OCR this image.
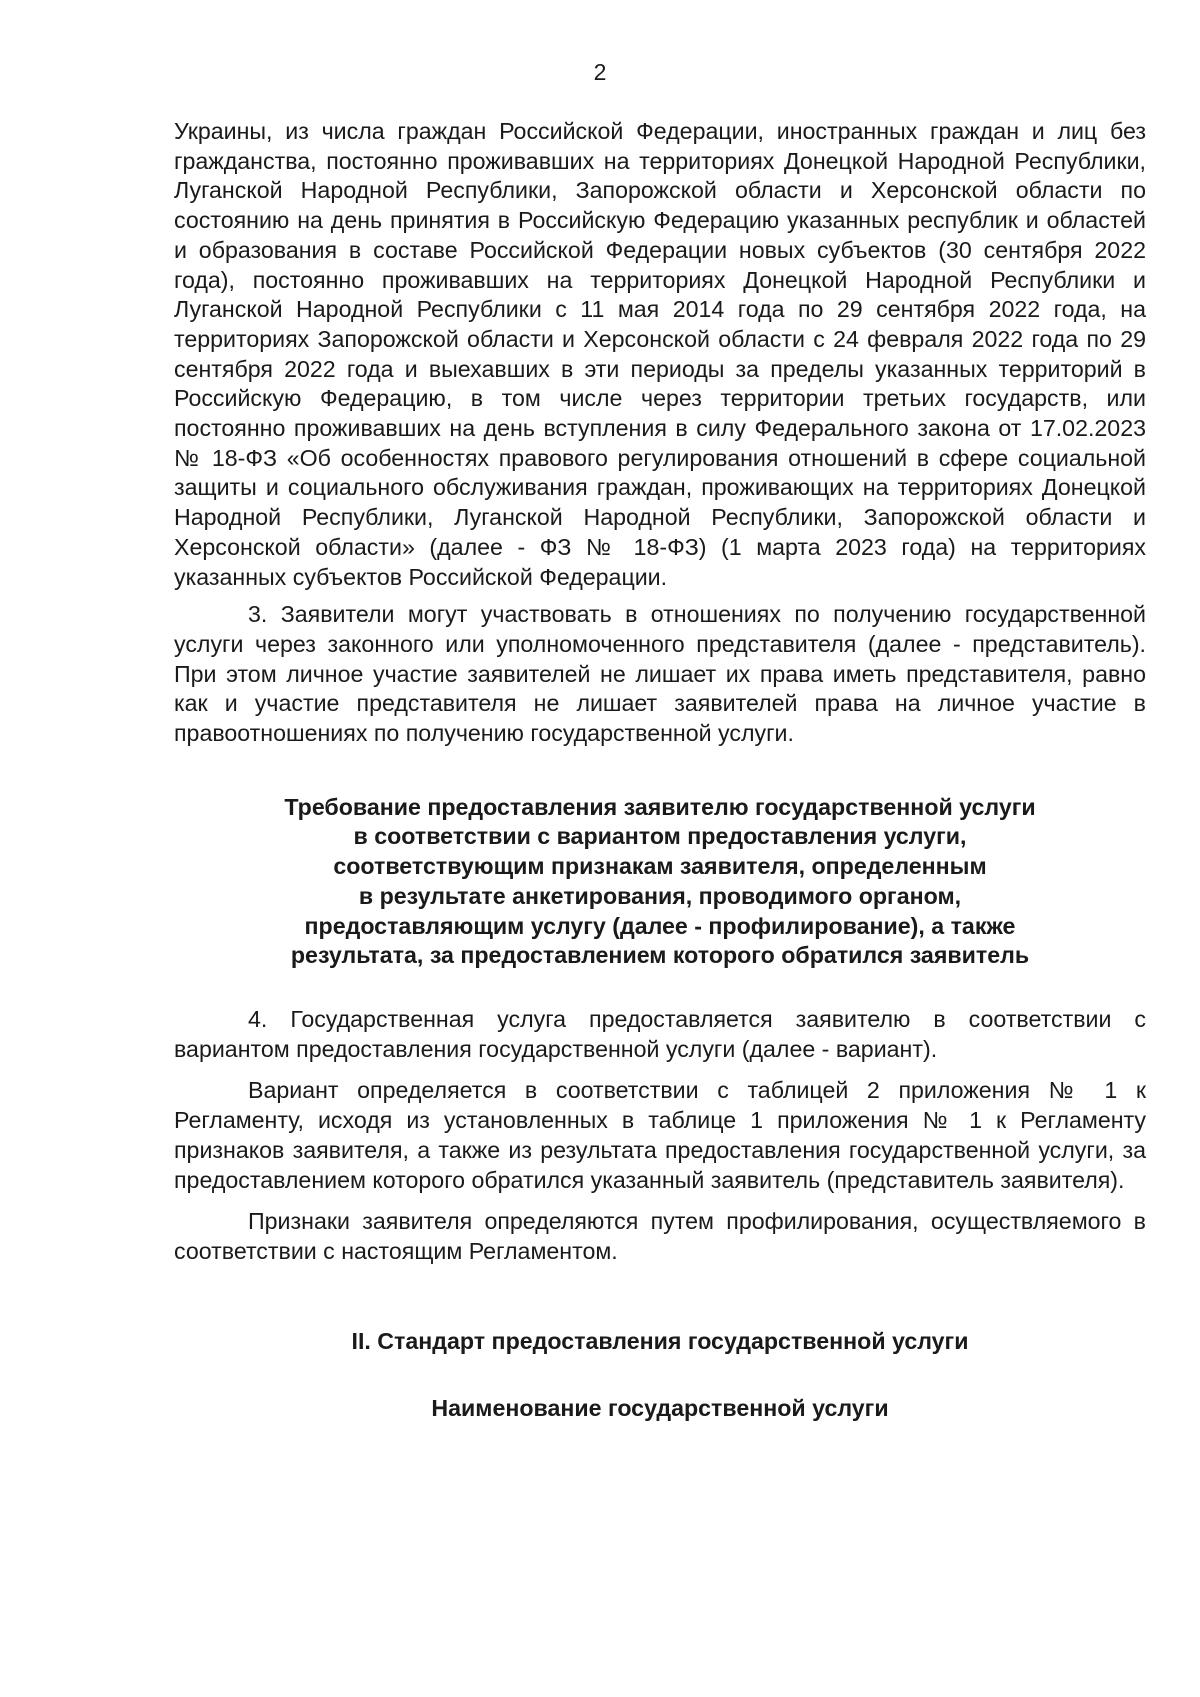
2

Украины, из числа граждан Российской Федерации, иностранных граждан и лиц без гражданства, постоянно проживавших на территориях Донецкой Народной Республики, Луганской Народной Республики, Запорожской области и Херсонской области по состоянию на день принятия в Российскую Федерацию указанных республик и областей и образования в составе Российской Федерации новых субъектов (30 сентября 2022 года), постоянно проживавших на территориях Донецкой Народной Республики и Луганской Народной Республики с 11 мая 2014 года по 29 сентября 2022 года, на территориях Запорожской области и Херсонской области с 24 февраля 2022 года по 29 сентября 2022 года и выехавших в эти периоды за пределы указанных территорий в Российскую Федерацию, в том числе через территории третьих государств, или постоянно проживавших на день вступления в силу Федерального закона от 17.02.2023 № 18-ФЗ «Об особенностях правового регулирования отношений в сфере социальной защиты и социального обслуживания граждан, проживающих на территориях Донецкой Народной Республики, Луганской Народной Республики, Запорожской области и Херсонской области» (далее - ФЗ № 18-ФЗ) (1 марта 2023 года) на территориях указанных субъектов Российской Федерации.

3. Заявители могут участвовать в отношениях по получению государственной услуги через законного или уполномоченного представителя (далее - представитель). При этом личное участие заявителей не лишает их права иметь представителя, равно как и участие представителя не лишает заявителей права на личное участие в правоотношениях по получению государственной услуги.

Требование предоставления заявителю государственной услуги
в соответствии с вариантом предоставления услуги,
соответствующим признакам заявителя, определенным
в результате анкетирования, проводимого органом,
предоставляющим услугу (далее - профилирование), а также
результата, за предоставлением которого обратился заявитель

4. Государственная услуга предоставляется заявителю в соответствии с вариантом предоставления государственной услуги (далее - вариант).

Вариант определяется в соответствии с таблицей 2 приложения № 1 к Регламенту, исходя из установленных в таблице 1 приложения № 1 к Регламенту признаков заявителя, а также из результата предоставления государственной услуги, за предоставлением которого обратился указанный заявитель (представитель заявителя).

Признаки заявителя определяются путем профилирования, осуществляемого в соответствии с настоящим Регламентом.

II. Стандарт предоставления государственной услуги
Наименование государственной услуги
